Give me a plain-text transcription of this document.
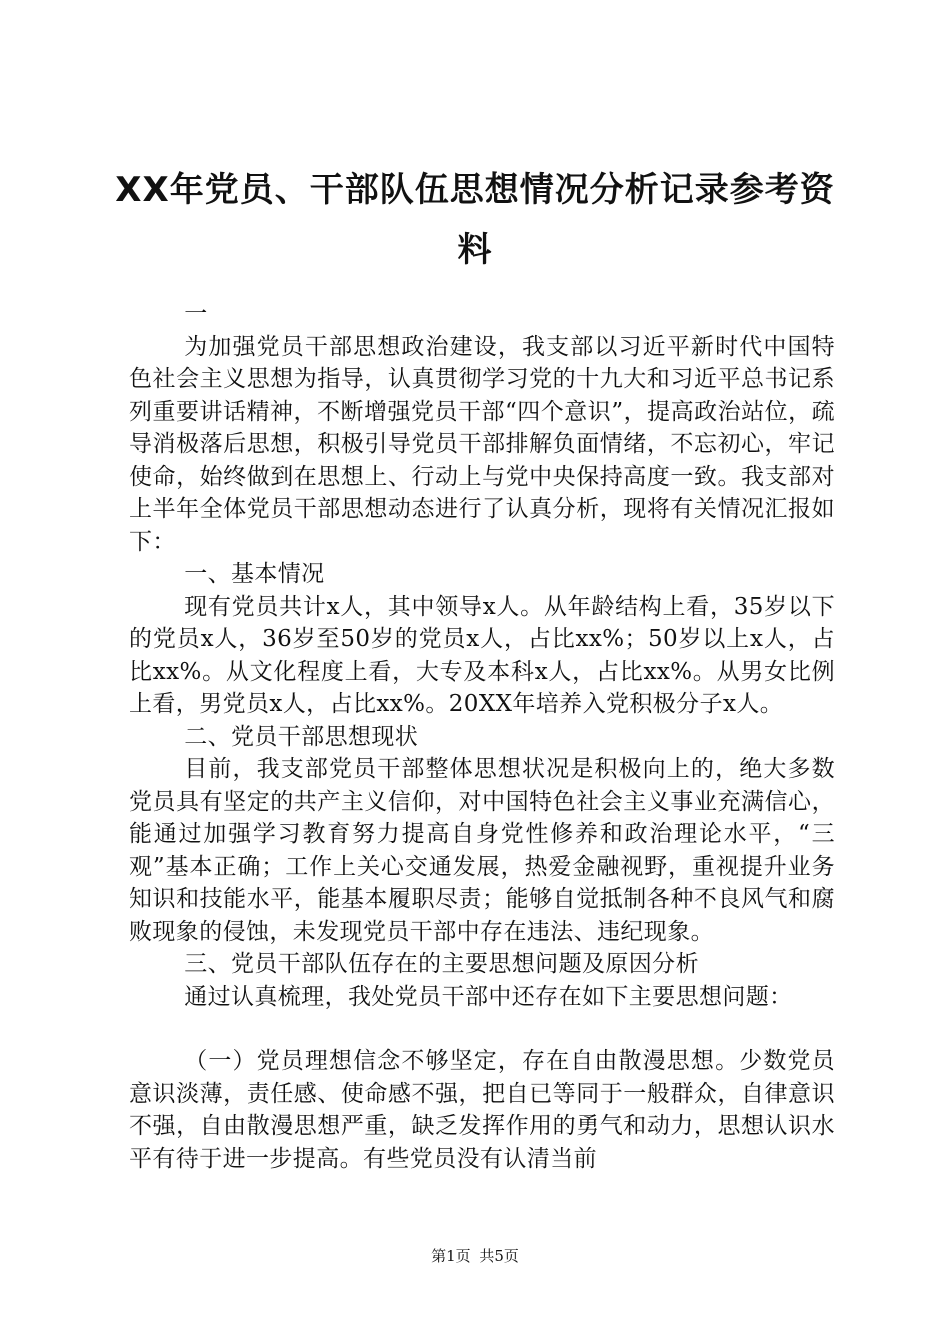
XX年党员、干部队伍思想情况分析记录参考资料

一

为加强党员干部思想政治建设，我支部以习近平新时代中国特色社会主义思想为指导，认真贯彻学习党的十九大和习近平总书记系列重要讲话精神，不断增强党员干部“四个意识”，提高政治站位，疏导消极落后思想，积极引导党员干部排解负面情绪，不忘初心，牢记使命，始终做到在思想上、行动上与党中央保持高度一致。我支部对上半年全体党员干部思想动态进行了认真分析，现将有关情况汇报如下：

一、基本情况

现有党员共计x人，其中领导x人。从年龄结构上看，35岁以下的党员x人，36岁至50岁的党员x人，占比xx%；50岁以上x人，占比xx%。从文化程度上看，大专及本科x人，占比xx%。从男女比例上看，男党员x人，占比xx%。20XX年培养入党积极分子x人。

二、党员干部思想现状

目前，我支部党员干部整体思想状况是积极向上的，绝大多数党员具有坚定的共产主义信仰，对中国特色社会主义事业充满信心，能通过加强学习教育努力提高自身党性修养和政治理论水平，“三观”基本正确；工作上关心交通发展，热爱金融视野，重视提升业务知识和技能水平，能基本履职尽责；能够自觉抵制各种不良风气和腐败现象的侵蚀，未发现党员干部中存在违法、违纪现象。

三、党员干部队伍存在的主要思想问题及原因分析

通过认真梳理，我处党员干部中还存在如下主要思想问题：

（一）党员理想信念不够坚定，存在自由散漫思想。少数党员意识淡薄，责任感、使命感不强，把自已等同于一般群众，自律意识不强，自由散漫思想严重，缺乏发挥作用的勇气和动力，思想认识水平有待于进一步提高。有些党员没有认清当前

第1页 共5页
